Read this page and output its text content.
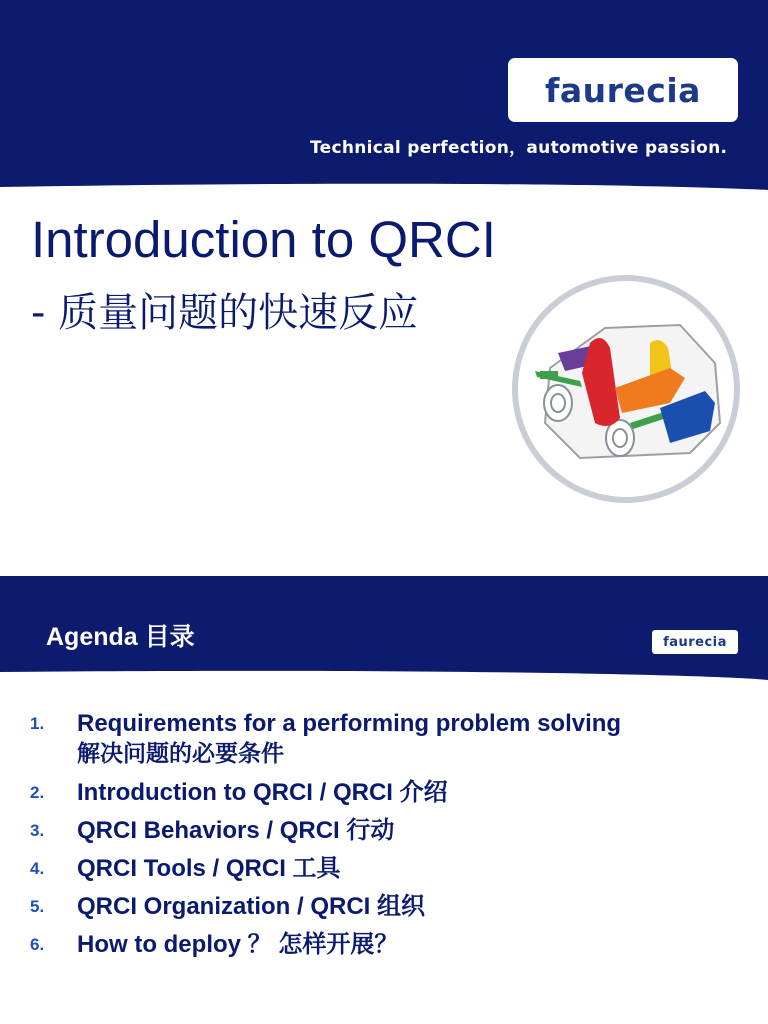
faurecia
Technical perfection，automotive passion.
Introduction to QRCI
- 质量问题的快速反应
Agenda 目录	faurecia
1.	Requirements for a performing problem solving
解决问题的必要条件
2.	Introduction to QRCI / QRCI 介绍
3.	QRCI Behaviors / QRCI 行动
4.	QRCI Tools / QRCI 工具
5.	QRCI Organization / QRCI 组织
6.	How to deploy ？ 怎样开展？
